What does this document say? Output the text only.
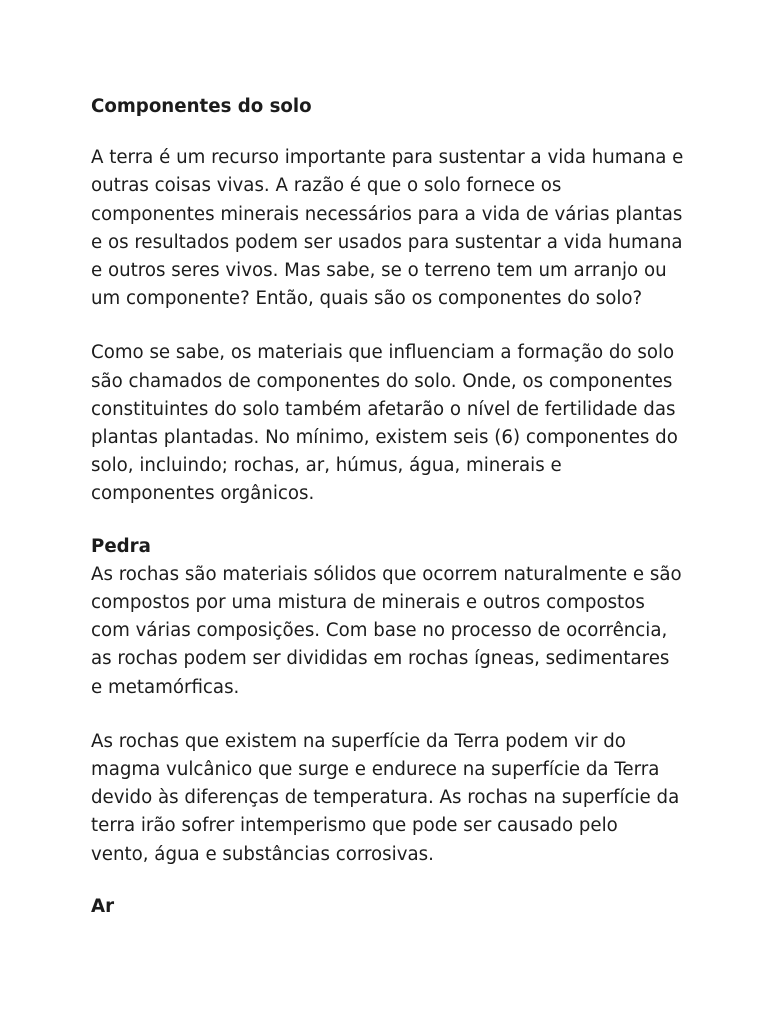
Componentes do solo
A terra é um recurso importante para sustentar a vida humana e
outras coisas vivas. A razão é que o solo fornece os
componentes minerais necessários para a vida de várias plantas
e os resultados podem ser usados para sustentar a vida humana
e outros seres vivos. Mas sabe, se o terreno tem um arranjo ou
um componente? Então, quais são os componentes do solo?
Como se sabe, os materiais que influenciam a formação do solo
são chamados de componentes do solo. Onde, os componentes
constituintes do solo também afetarão o nível de fertilidade das
plantas plantadas. No mínimo, existem seis (6) componentes do
solo, incluindo; rochas, ar, húmus, água, minerais e
componentes orgânicos.
Pedra
As rochas são materiais sólidos que ocorrem naturalmente e são
compostos por uma mistura de minerais e outros compostos
com várias composições. Com base no processo de ocorrência,
as rochas podem ser divididas em rochas ígneas, sedimentares
e metamórficas.
As rochas que existem na superfície da Terra podem vir do
magma vulcânico que surge e endurece na superfície da Terra
devido às diferenças de temperatura. As rochas na superfície da
terra irão sofrer intemperismo que pode ser causado pelo
vento, água e substâncias corrosivas.
Ar
